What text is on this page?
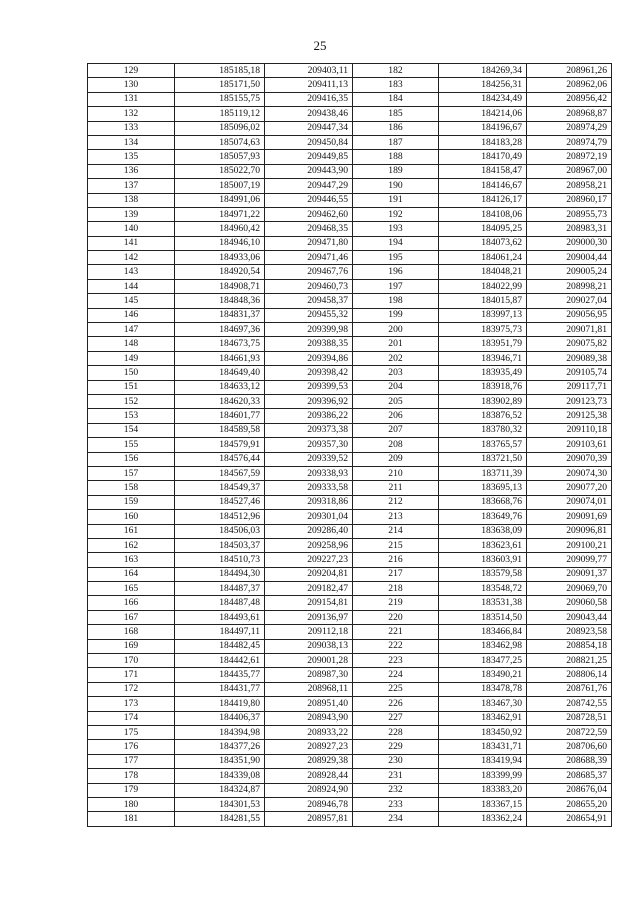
25
129	185185,18	209403,11	182	184269,34	208961,26
130	185171,50	209411,13	183	184256,31	208962,06
131	185155,75	209416,35	184	184234,49	208956,42
132	185119,12	209438,46	185	184214,06	208968,87
133	185096,02	209447,34	186	184196,67	208974,29
134	185074,63	209450,84	187	184183,28	208974,79
135	185057,93	209449,85	188	184170,49	208972,19
136	185022,70	209443,90	189	184158,47	208967,00
137	185007,19	209447,29	190	184146,67	208958,21
138	184991,06	209446,55	191	184126,17	208960,17
139	184971,22	209462,60	192	184108,06	208955,73
140	184960,42	209468,35	193	184095,25	208983,31
141	184946,10	209471,80	194	184073,62	209000,30
142	184933,06	209471,46	195	184061,24	209004,44
143	184920,54	209467,76	196	184048,21	209005,24
144	184908,71	209460,73	197	184022,99	208998,21
145	184848,36	209458,37	198	184015,87	209027,04
146	184831,37	209455,32	199	183997,13	209056,95
147	184697,36	209399,98	200	183975,73	209071,81
148	184673,75	209388,35	201	183951,79	209075,82
149	184661,93	209394,86	202	183946,71	209089,38
150	184649,40	209398,42	203	183935,49	209105,74
151	184633,12	209399,53	204	183918,76	209117,71
152	184620,33	209396,92	205	183902,89	209123,73
153	184601,77	209386,22	206	183876,52	209125,38
154	184589,58	209373,38	207	183780,32	209110,18
155	184579,91	209357,30	208	183765,57	209103,61
156	184576,44	209339,52	209	183721,50	209070,39
157	184567,59	209338,93	210	183711,39	209074,30
158	184549,37	209333,58	211	183695,13	209077,20
159	184527,46	209318,86	212	183668,76	209074,01
160	184512,96	209301,04	213	183649,76	209091,69
161	184506,03	209286,40	214	183638,09	209096,81
162	184503,37	209258,96	215	183623,61	209100,21
163	184510,73	209227,23	216	183603,91	209099,77
164	184494,30	209204,81	217	183579,58	209091,37
165	184487,37	209182,47	218	183548,72	209069,70
166	184487,48	209154,81	219	183531,38	209060,58
167	184493,61	209136,97	220	183514,50	209043,44
168	184497,11	209112,18	221	183466,84	208923,58
169	184482,45	209038,13	222	183462,98	208854,18
170	184442,61	209001,28	223	183477,25	208821,25
171	184435,77	208987,30	224	183490,21	208806,14
172	184431,77	208968,11	225	183478,78	208761,76
173	184419,80	208951,40	226	183467,30	208742,55
174	184406,37	208943,90	227	183462,91	208728,51
175	184394,98	208933,22	228	183450,92	208722,59
176	184377,26	208927,23	229	183431,71	208706,60
177	184351,90	208929,38	230	183419,94	208688,39
178	184339,08	208928,44	231	183399,99	208685,37
179	184324,87	208924,90	232	183383,20	208676,04
180	184301,53	208946,78	233	183367,15	208655,20
181	184281,55	208957,81	234	183362,24	208654,91
